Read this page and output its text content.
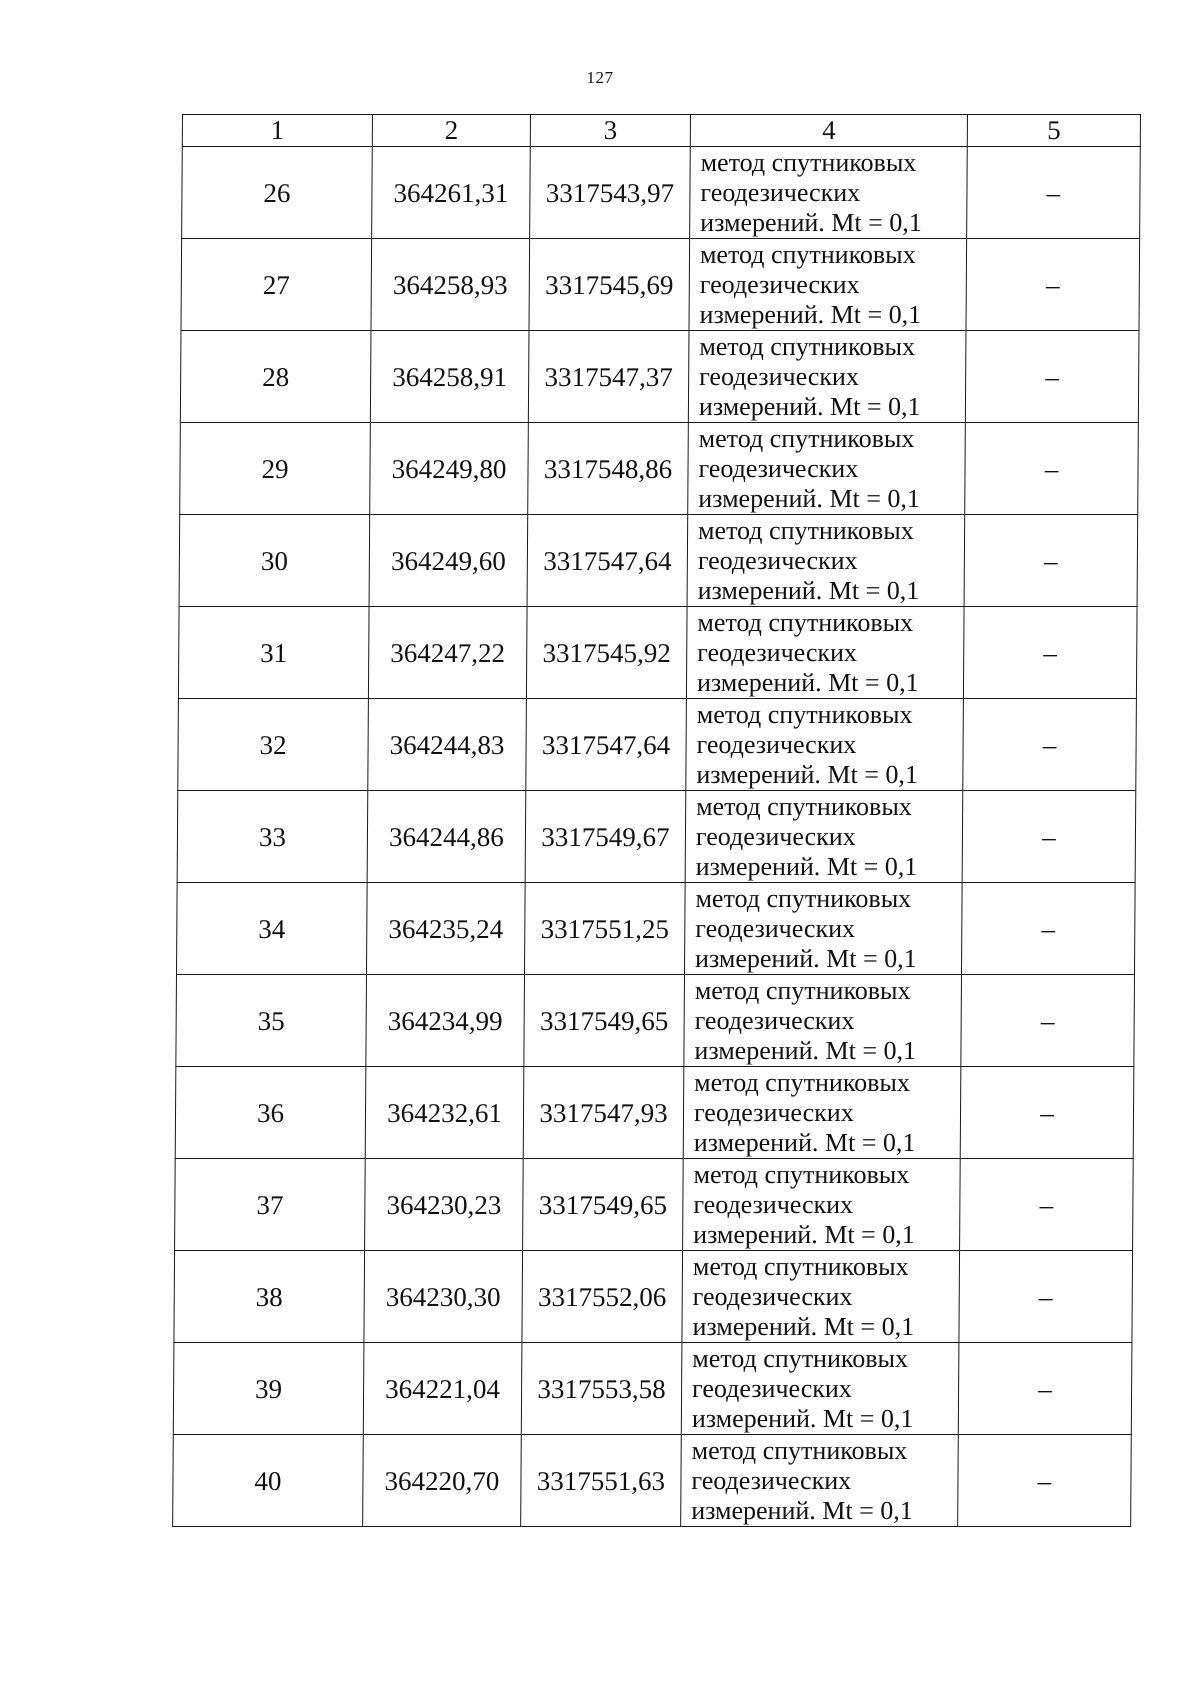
127
1	2	3	4	5
26	364261,31	3317543,97	метод спутниковых
геодезических
измерений. Mt = 0,1	–
27	364258,93	3317545,69	метод спутниковых
геодезических
измерений. Mt = 0,1	–
28	364258,91	3317547,37	метод спутниковых
геодезических
измерений. Mt = 0,1	–
29	364249,80	3317548,86	метод спутниковых
геодезических
измерений. Mt = 0,1	–
30	364249,60	3317547,64	метод спутниковых
геодезических
измерений. Mt = 0,1	–
31	364247,22	3317545,92	метод спутниковых
геодезических
измерений. Mt = 0,1	–
32	364244,83	3317547,64	метод спутниковых
геодезических
измерений. Mt = 0,1	–
33	364244,86	3317549,67	метод спутниковых
геодезических
измерений. Mt = 0,1	–
34	364235,24	3317551,25	метод спутниковых
геодезических
измерений. Mt = 0,1	–
35	364234,99	3317549,65	метод спутниковых
геодезических
измерений. Mt = 0,1	–
36	364232,61	3317547,93	метод спутниковых
геодезических
измерений. Mt = 0,1	–
37	364230,23	3317549,65	метод спутниковых
геодезических
измерений. Mt = 0,1	–
38	364230,30	3317552,06	метод спутниковых
геодезических
измерений. Mt = 0,1	–
39	364221,04	3317553,58	метод спутниковых
геодезических
измерений. Mt = 0,1	–
40	364220,70	3317551,63	метод спутниковых
геодезических
измерений. Mt = 0,1	–
